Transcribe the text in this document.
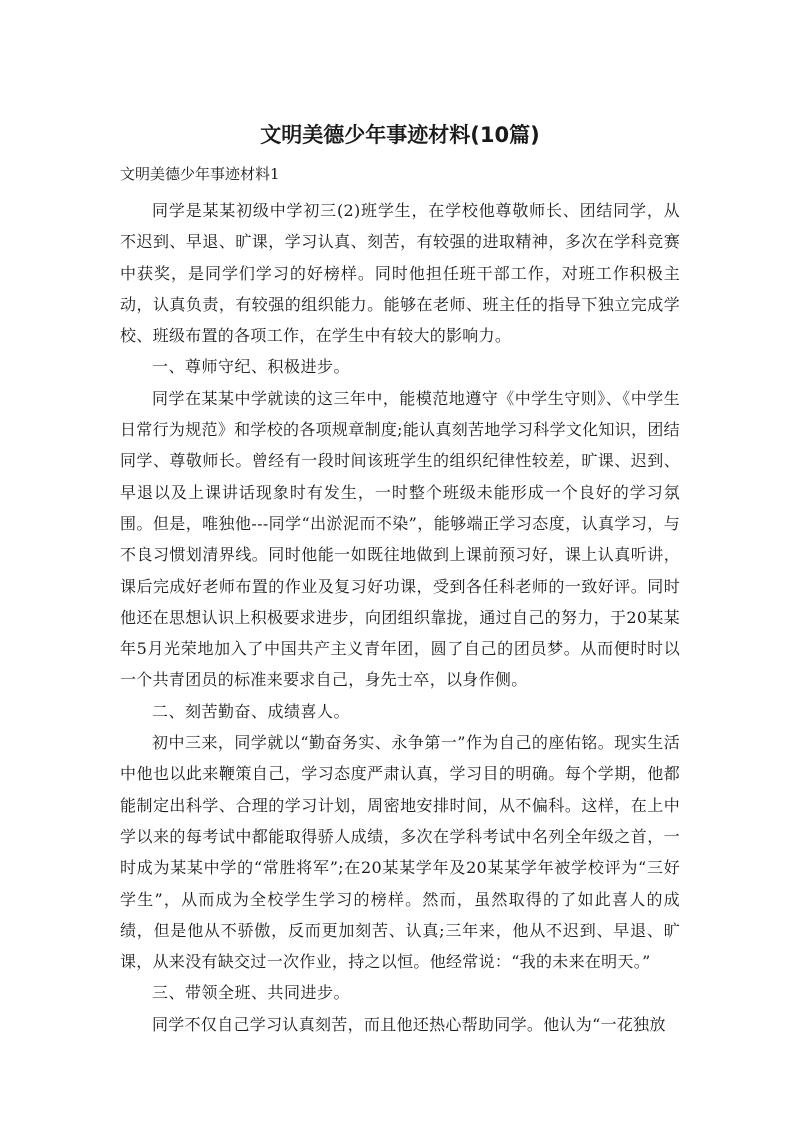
文明美德少年事迹材料(10篇)
文明美德少年事迹材料1

同学是某某初级中学初三(2)班学生，在学校他尊敬师长、团结同学，从不迟到、早退、旷课，学习认真、刻苦，有较强的进取精神，多次在学科竞赛中获奖，是同学们学习的好榜样。同时他担任班干部工作，对班工作积极主动，认真负责，有较强的组织能力。能够在老师、班主任的指导下独立完成学校、班级布置的各项工作，在学生中有较大的影响力。

一、尊师守纪、积极进步。

同学在某某中学就读的这三年中，能模范地遵守《中学生守则》、《中学生日常行为规范》和学校的各项规章制度;能认真刻苦地学习科学文化知识，团结同学、尊敬师长。曾经有一段时间该班学生的组织纪律性较差，旷课、迟到、早退以及上课讲话现象时有发生，一时整个班级未能形成一个良好的学习氛围。但是，唯独他---同学“出淤泥而不染”，能够端正学习态度，认真学习，与不良习惯划清界线。同时他能一如既往地做到上课前预习好，课上认真听讲，课后完成好老师布置的作业及复习好功课，受到各任科老师的一致好评。同时他还在思想认识上积极要求进步，向团组织靠拢，通过自己的努力，于20某某年5月光荣地加入了中国共产主义青年团，圆了自己的团员梦。从而便时时以一个共青团员的标准来要求自己，身先士卒，以身作侧。

二、刻苦勤奋、成绩喜人。

初中三来，同学就以“勤奋务实、永争第一”作为自己的座佑铭。现实生活中他也以此来鞭策自己，学习态度严肃认真，学习目的明确。每个学期，他都能制定出科学、合理的学习计划，周密地安排时间，从不偏科。这样，在上中学以来的每考试中都能取得骄人成绩，多次在学科考试中名列全年级之首，一时成为某某中学的“常胜将军”;在20某某学年及20某某学年被学校评为“三好学生”，从而成为全校学生学习的榜样。然而，虽然取得的了如此喜人的成绩，但是他从不骄傲，反而更加刻苦、认真;三年来，他从不迟到、早退、旷课，从来没有缺交过一次作业，持之以恒。他经常说：“我的未来在明天。”

三、带领全班、共同进步。

同学不仅自己学习认真刻苦，而且他还热心帮助同学。他认为“一花独放
